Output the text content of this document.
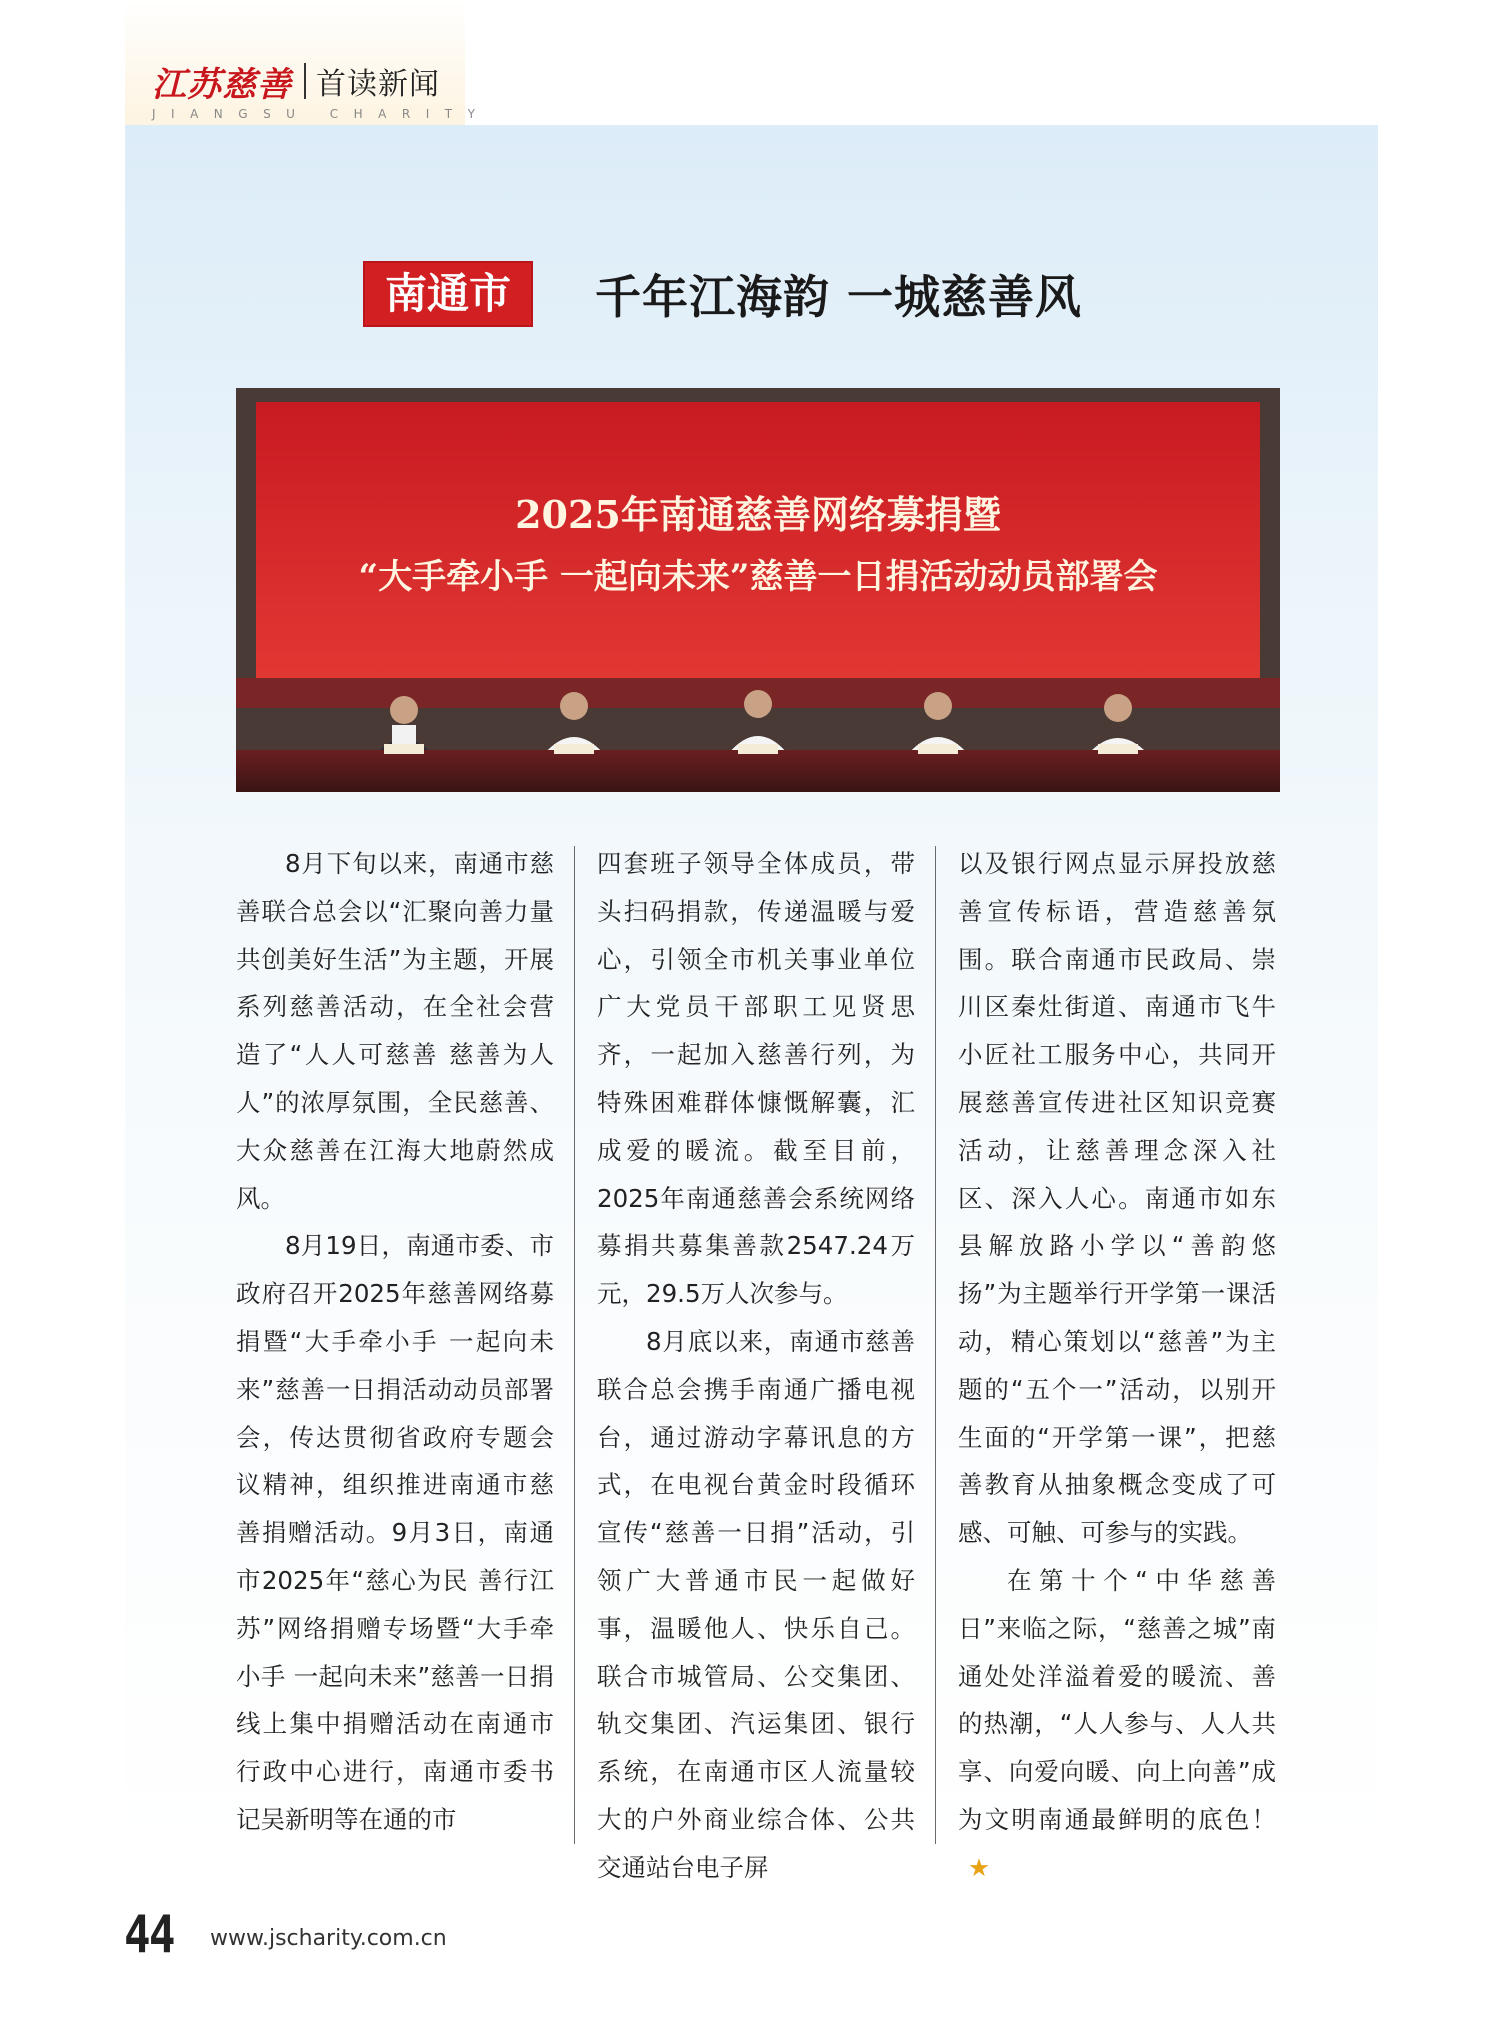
江苏慈善 首读新闻
JIANGSU CHARITY
南通市	千年江海韵 一城慈善风
2025年南通慈善网络募捐暨
“大手牵小手 一起向未来”慈善一日捐活动动员部署会

8月下旬以来，南通市慈善联合总会以“汇聚向善力量 共创美好生活”为主题，开展系列慈善活动，在全社会营造了“人人可慈善 慈善为人人”的浓厚氛围，全民慈善、大众慈善在江海大地蔚然成风。

8月19日，南通市委、市政府召开2025年慈善网络募捐暨“大手牵小手 一起向未来”慈善一日捐活动动员部署会，传达贯彻省政府专题会议精神，组织推进南通市慈善捐赠活动。9月3日，南通市2025年“慈心为民 善行江苏”网络捐赠专场暨“大手牵小手 一起向未来”慈善一日捐线上集中捐赠活动在南通市行政中心进行，南通市委书记吴新明等在通的市

四套班子领导全体成员，带头扫码捐款，传递温暖与爱心，引领全市机关事业单位广大党员干部职工见贤思齐，一起加入慈善行列，为特殊困难群体慷慨解囊，汇成爱的暖流。截至目前，2025年南通慈善会系统网络募捐共募集善款2547.24万元，29.5万人次参与。

8月底以来，南通市慈善联合总会携手南通广播电视台，通过游动字幕讯息的方式，在电视台黄金时段循环宣传“慈善一日捐”活动，引领广大普通市民一起做好事，温暖他人、快乐自己。联合市城管局、公交集团、轨交集团、汽运集团、银行系统，在南通市区人流量较大的户外商业综合体、公共交通站台电子屏

以及银行网点显示屏投放慈善宣传标语，营造慈善氛围。联合南通市民政局、崇川区秦灶街道、南通市飞牛小匠社工服务中心，共同开展慈善宣传进社区知识竞赛活动，让慈善理念深入社区、深入人心。南通市如东县解放路小学以“善韵悠扬”为主题举行开学第一课活动，精心策划以“慈善”为主题的“五个一”活动，以别开生面的“开学第一课”，把慈善教育从抽象概念变成了可感、可触、可参与的实践。

在第十个“中华慈善日”来临之际，“慈善之城”南通处处洋溢着爱的暖流、善的热潮，“人人参与、人人共享、向爱向暖、向上向善”成为文明南通最鲜明的底色！★

44 www.jscharity.com.cn
